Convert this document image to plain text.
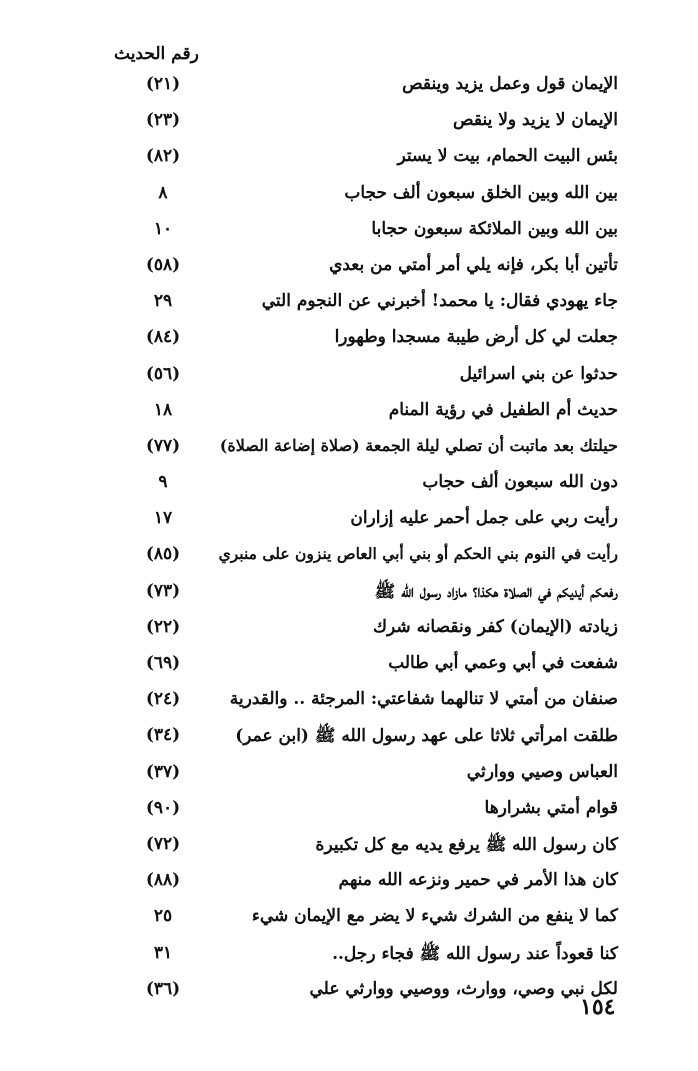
رقم الحديث
الإيمان قول وعمل يزيد وينقص
(٢١)
الإيمان لا يزيد ولا ينقص
(٢٣)
بئس البيت الحمام، بيت لا يستر
(٨٢)
بين الله وبين الخلق سبعون ألف حجاب
٨
بين الله وبين الملائكة سبعون حجابا
١٠
تأتين أبا بكر، فإنه يلي أمر أمتي من بعدي
(٥٨)
جاء يهودي فقال: يا محمد! أخبرني عن النجوم التي
٢٩
جعلت لي كل أرض طيبة مسجدا وطهورا
(٨٤)
حدثوا عن بني اسرائيل
(٥٦)
حديث أم الطفيل في رؤية المنام
١٨
حيلتك بعد ماتبت أن تصلي ليلة الجمعة (صلاة إضاعة الصلاة)
(٧٧)
دون الله سبعون ألف حجاب
٩
رأيت ربي على جمل أحمر عليه إزاران
١٧
رأيت في النوم بني الحكم أو بني أبي العاص ينزون على منبري
(٨٥)
رفعكم أيديكم في الصلاة هكذا؟ مازاد رسول الله ﷺ
(٧٣)
زيادته (الإيمان) كفر ونقصانه شرك
(٢٢)
شفعت في أبي وعمي أبي طالب
(٦٩)
صنفان من أمتي لا تنالهما شفاعتي: المرجئة .. والقدرية
(٢٤)
طلقت امرأتي ثلاثا على عهد رسول الله ﷺ (ابن عمر)
(٣٤)
العباس وصيي ووارثي
(٣٧)
قوام أمتي بشرارها
(٩٠)
كان رسول الله ﷺ يرفع يديه مع كل تكبيرة
(٧٢)
كان هذا الأمر في حمير ونزعه الله منهم
(٨٨)
كما لا ينفع من الشرك شيء لا يضر مع الإيمان شيء
٢٥
كنا قعوداً عند رسول الله ﷺ فجاء رجل..
٣١
لكل نبي وصي، ووارث، ووصيي ووارثي علي
(٣٦)
١٥٤
